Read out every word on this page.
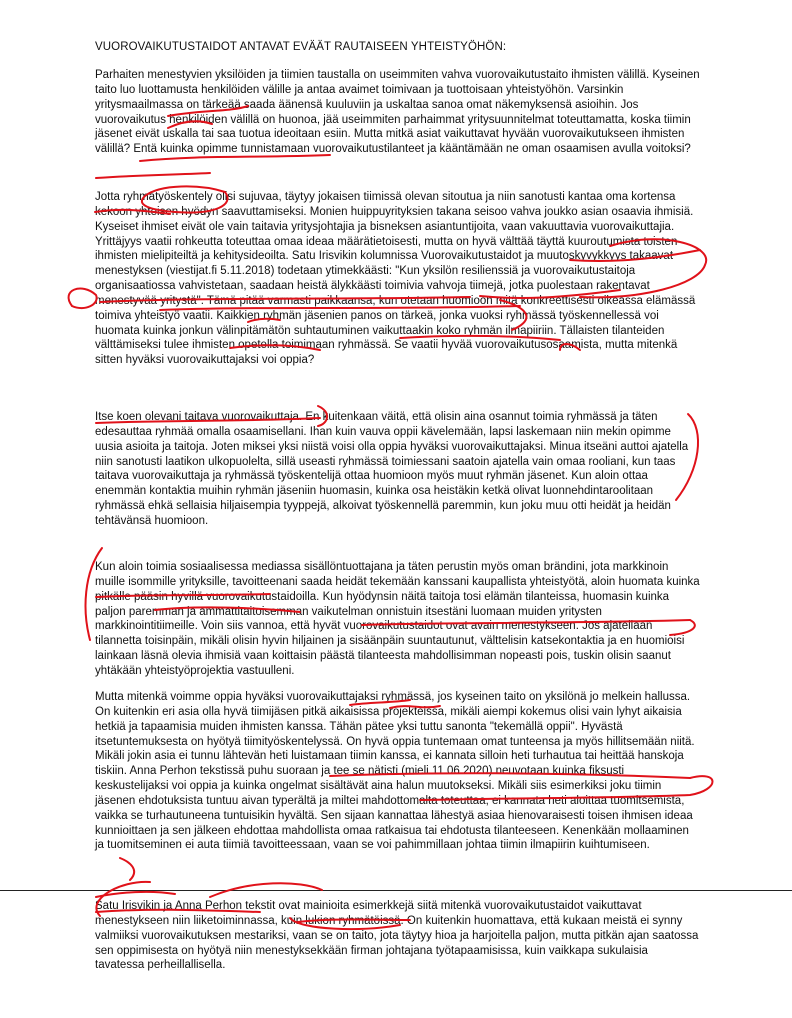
VUOROVAIKUTUSTAIDOT ANTAVAT EVÄÄT RAUTAISEEN YHTEISTYÖHÖN:

Parhaiten menestyvien yksilöiden ja tiimien taustalla on useimmiten vahva vuorovaikutustaito ihmisten välillä. Kyseinen taito luo luottamusta henkilöiden välille ja antaa avaimet toimivaan ja tuottoisaan yhteistyöhön. Varsinkin yritysmaailmassa on tärkeää saada äänensä kuuluviin ja uskaltaa sanoa omat näkemyksensä asioihin. Jos vuorovaikutus henkilöiden välillä on huonoa, jää useimmiten parhaimmat yritysuunnitelmat toteuttamatta, koska tiimin jäsenet eivät uskalla tai saa tuotua ideoitaan esiin. Mutta mitkä asiat vaikuttavat hyvään vuorovaikutukseen ihmisten välillä? Entä kuinka opimme tunnistamaan vuorovaikutustilanteet ja kääntämään ne oman osaamisen avulla voitoksi?

Jotta ryhmätyöskentely olisi sujuvaa, täytyy jokaisen tiimissä olevan sitoutua ja niin sanotusti kantaa oma kortensa kekoon yhteisen hyödyn saavuttamiseksi. Monien huippuyrityksien takana seisoo vahva joukko asian osaavia ihmisiä. Kyseiset ihmiset eivät ole vain taitavia yritysjohtajia ja bisneksen asiantuntijoita, vaan vakuuttavia vuorovaikuttajia. Yrittäjyys vaatii rohkeutta toteuttaa omaa ideaa määrätietoisesti, mutta on hyvä välttää täyttä kuuroutumista toisten ihmisten mielipiteiltä ja kehitysideoilta. Satu Irisvikin kolumnissa Vuorovaikutustaidot ja muutoskyvykkyys takaavat menestyksen (viestijat.fi 5.11.2018) todetaan ytimekkäästi: "Kun yksilön resilienssiä ja vuorovaikutustaitoja organisaatiossa vahvistetaan, saadaan heistä älykkäästi toimivia vahvoja tiimejä, jotka puolestaan rakentavat menestyvää yritystä". Tämä pitää varmasti paikkaansa, kun otetaan huomioon mitä konkreettisesti oikeassa elämässä toimiva yhteistyö vaatii. Kaikkien ryhmän jäsenien panos on tärkeä, jonka vuoksi ryhmässä työskennellessä voi huomata kuinka jonkun välinpitämätön suhtautuminen vaikuttaakin koko ryhmän ilmapiiriin. Tällaisten tilanteiden välttämiseksi tulee ihmisten opetella toimimaan ryhmässä. Se vaatii hyvää vuorovaikutusosaamista, mutta mitenkä sitten hyväksi vuorovaikuttajaksi voi oppia?

Itse koen olevani taitava vuorovaikuttaja. En kuitenkaan väitä, että olisin aina osannut toimia ryhmässä ja täten edesauttaa ryhmää omalla osaamisellani. Ihan kuin vauva oppii kävelemään, lapsi laskemaan niin mekin opimme uusia asioita ja taitoja. Joten miksei yksi niistä voisi olla oppia hyväksi vuorovaikuttajaksi. Minua itseäni auttoi ajatella niin sanotusti laatikon ulkopuolelta, sillä useasti ryhmässä toimiessani saatoin ajatella vain omaa rooliani, kun taas taitava vuorovaikuttaja ja ryhmässä työskentelijä ottaa huomioon myös muut ryhmän jäsenet. Kun aloin ottaa enemmän kontaktia muihin ryhmän jäseniin huomasin, kuinka osa heistäkin ketkä olivat luonnehdintaroolitaan ryhmässä ehkä sellaisia hiljaisempia tyyppejä, alkoivat työskennellä paremmin, kun joku muu otti heidät ja heidän tehtävänsä huomioon.

Kun aloin toimia sosiaalisessa mediassa sisällöntuottajana ja täten perustin myös oman brändini, jota markkinoin muille isommille yrityksille, tavoitteenani saada heidät tekemään kanssani kaupallista yhteistyötä, aloin huomata kuinka pitkälle pääsin hyvillä vuorovaikutustaidoilla. Kun hyödynsin näitä taitoja tosi elämän tilanteissa, huomasin kuinka paljon paremman ja ammattitaitoisemman vaikutelman onnistuin itsestäni luomaan muiden yritysten markkinointitiimeille. Voin siis vannoa, että hyvät vuorovaikutustaidot ovat avain menestykseen. Jos ajatellaan tilannetta toisinpäin, mikäli olisin hyvin hiljainen ja sisäänpäin suuntautunut, välttelisin katsekontaktia ja en huomioisi lainkaan läsnä olevia ihmisiä vaan koittaisin päästä tilanteesta mahdollisimman nopeasti pois, tuskin olisin saanut yhtäkään yhteistyöprojektia vastuulleni.

Mutta mitenkä voimme oppia hyväksi vuorovaikuttajaksi ryhmässä, jos kyseinen taito on yksilönä jo melkein hallussa. On kuitenkin eri asia olla hyvä tiimijäsen pitkä aikaisissa projekteissa, mikäli aiempi kokemus olisi vain lyhyt aikaisia hetkiä ja tapaamisia muiden ihmisten kanssa. Tähän pätee yksi tuttu sanonta "tekemällä oppii". Hyvästä itsetuntemuksesta on hyötyä tiimityöskentelyssä. On hyvä oppia tuntemaan omat tunteensa ja myös hillitsemään niitä. Mikäli jokin asia ei tunnu lähtevän heti luistamaan tiimin kanssa, ei kannata silloin heti turhautua tai heittää hanskoja tiskiin. Anna Perhon tekstissä puhu suoraan ja tee se nätisti (mieli 11.06.2020) neuvotaan kuinka fiksusti keskustelijaksi voi oppia ja kuinka ongelmat sisältävät aina halun muutokseksi. Mikäli siis esimerkiksi joku tiimin jäsenen ehdotuksista tuntuu aivan typerältä ja miltei mahdottomalta toteuttaa, ei kannata heti aloittaa tuomitsemista, vaikka se turhautuneena tuntuisikin hyvältä. Sen sijaan kannattaa lähestyä asiaa hienovaraisesti toisen ihmisen ideaa kunnioittaen ja sen jälkeen ehdottaa mahdollista omaa ratkaisua tai ehdotusta tilanteeseen. Kenenkään mollaaminen ja tuomitseminen ei auta tiimiä tavoitteessaan, vaan se voi pahimmillaan johtaa tiimin ilmapiirin kuihtumiseen.

Satu Irisvikin ja Anna Perhon tekstit ovat mainioita esimerkkejä siitä mitenkä vuorovaikutustaidot vaikuttavat menestykseen niin liiketoiminnassa, kuin lukion ryhmätöissä. On kuitenkin huomattava, että kukaan meistä ei synny valmiiksi vuorovaikutuksen mestariksi, vaan se on taito, jota täytyy hioa ja harjoitella paljon, mutta pitkän ajan saatossa sen oppimisesta on hyötyä niin menestyksekkään firman johtajana työtapaamisissa, kuin vaikkapa sukulaisia tavatessa perheillallisella.
